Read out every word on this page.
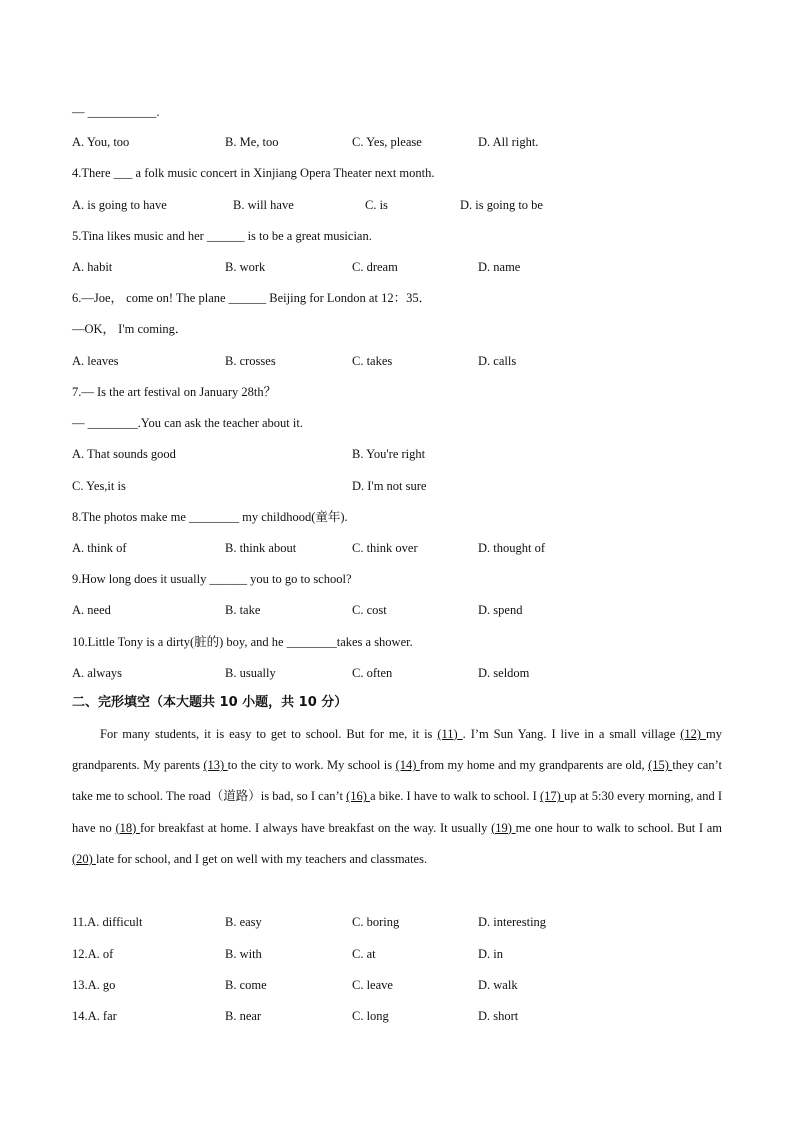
— ___________.
A. You, too	B. Me, too	C. Yes, please	D. All right.
4.There ___ a folk music concert in Xinjiang Opera Theater next month.
A. is going to have	B. will have	C. is	D. is going to be
5.Tina likes music and her ______ is to be a great musician.
A. habit	B. work	C. dream	D. name
6.—Joe， come on! The plane ______ Beijing for London at 12：35．
—OK， I'm coming．
A. leaves	B. crosses	C. takes	D. calls
7.— Is the art festival on January 28th？
— ________.You can ask the teacher about it.
A. That sounds good	B. You're right
C. Yes,it is	D. I'm not sure
8.The photos make me ________ my childhood(童年).
A. think of	B. think about	C. think over	D. thought of
9.How long does it usually ______ you to go to school?
A. need	B. take	C. cost	D. spend
10.Little Tony is a dirty(脏的) boy, and he ________takes a shower.
A. always	B. usually	C. often	D. seldom
二、完形填空（本大题共 10 小题，共 10 分）
For many students, it is easy to get to school. But for me, it is (11) . I’m Sun Yang. I live in a small village (12) my grandparents. My parents (13) to the city to work. My school is (14) from my home and my grandparents are old, (15) they can’t take me to school. The road（道路）is bad, so I can’t (16) a bike. I have to walk to school. I (17) up at 5:30 every morning, and I have no (18) for breakfast at home. I always have breakfast on the way. It usually (19) me one hour to walk to school. But I am (20) late for school, and I get on well with my teachers and classmates.
11.A. difficult	B. easy	C. boring	D. interesting
12.A. of	B. with	C. at	D. in
13.A. go	B. come	C. leave	D. walk
14.A. far	B. near	C. long	D. short
